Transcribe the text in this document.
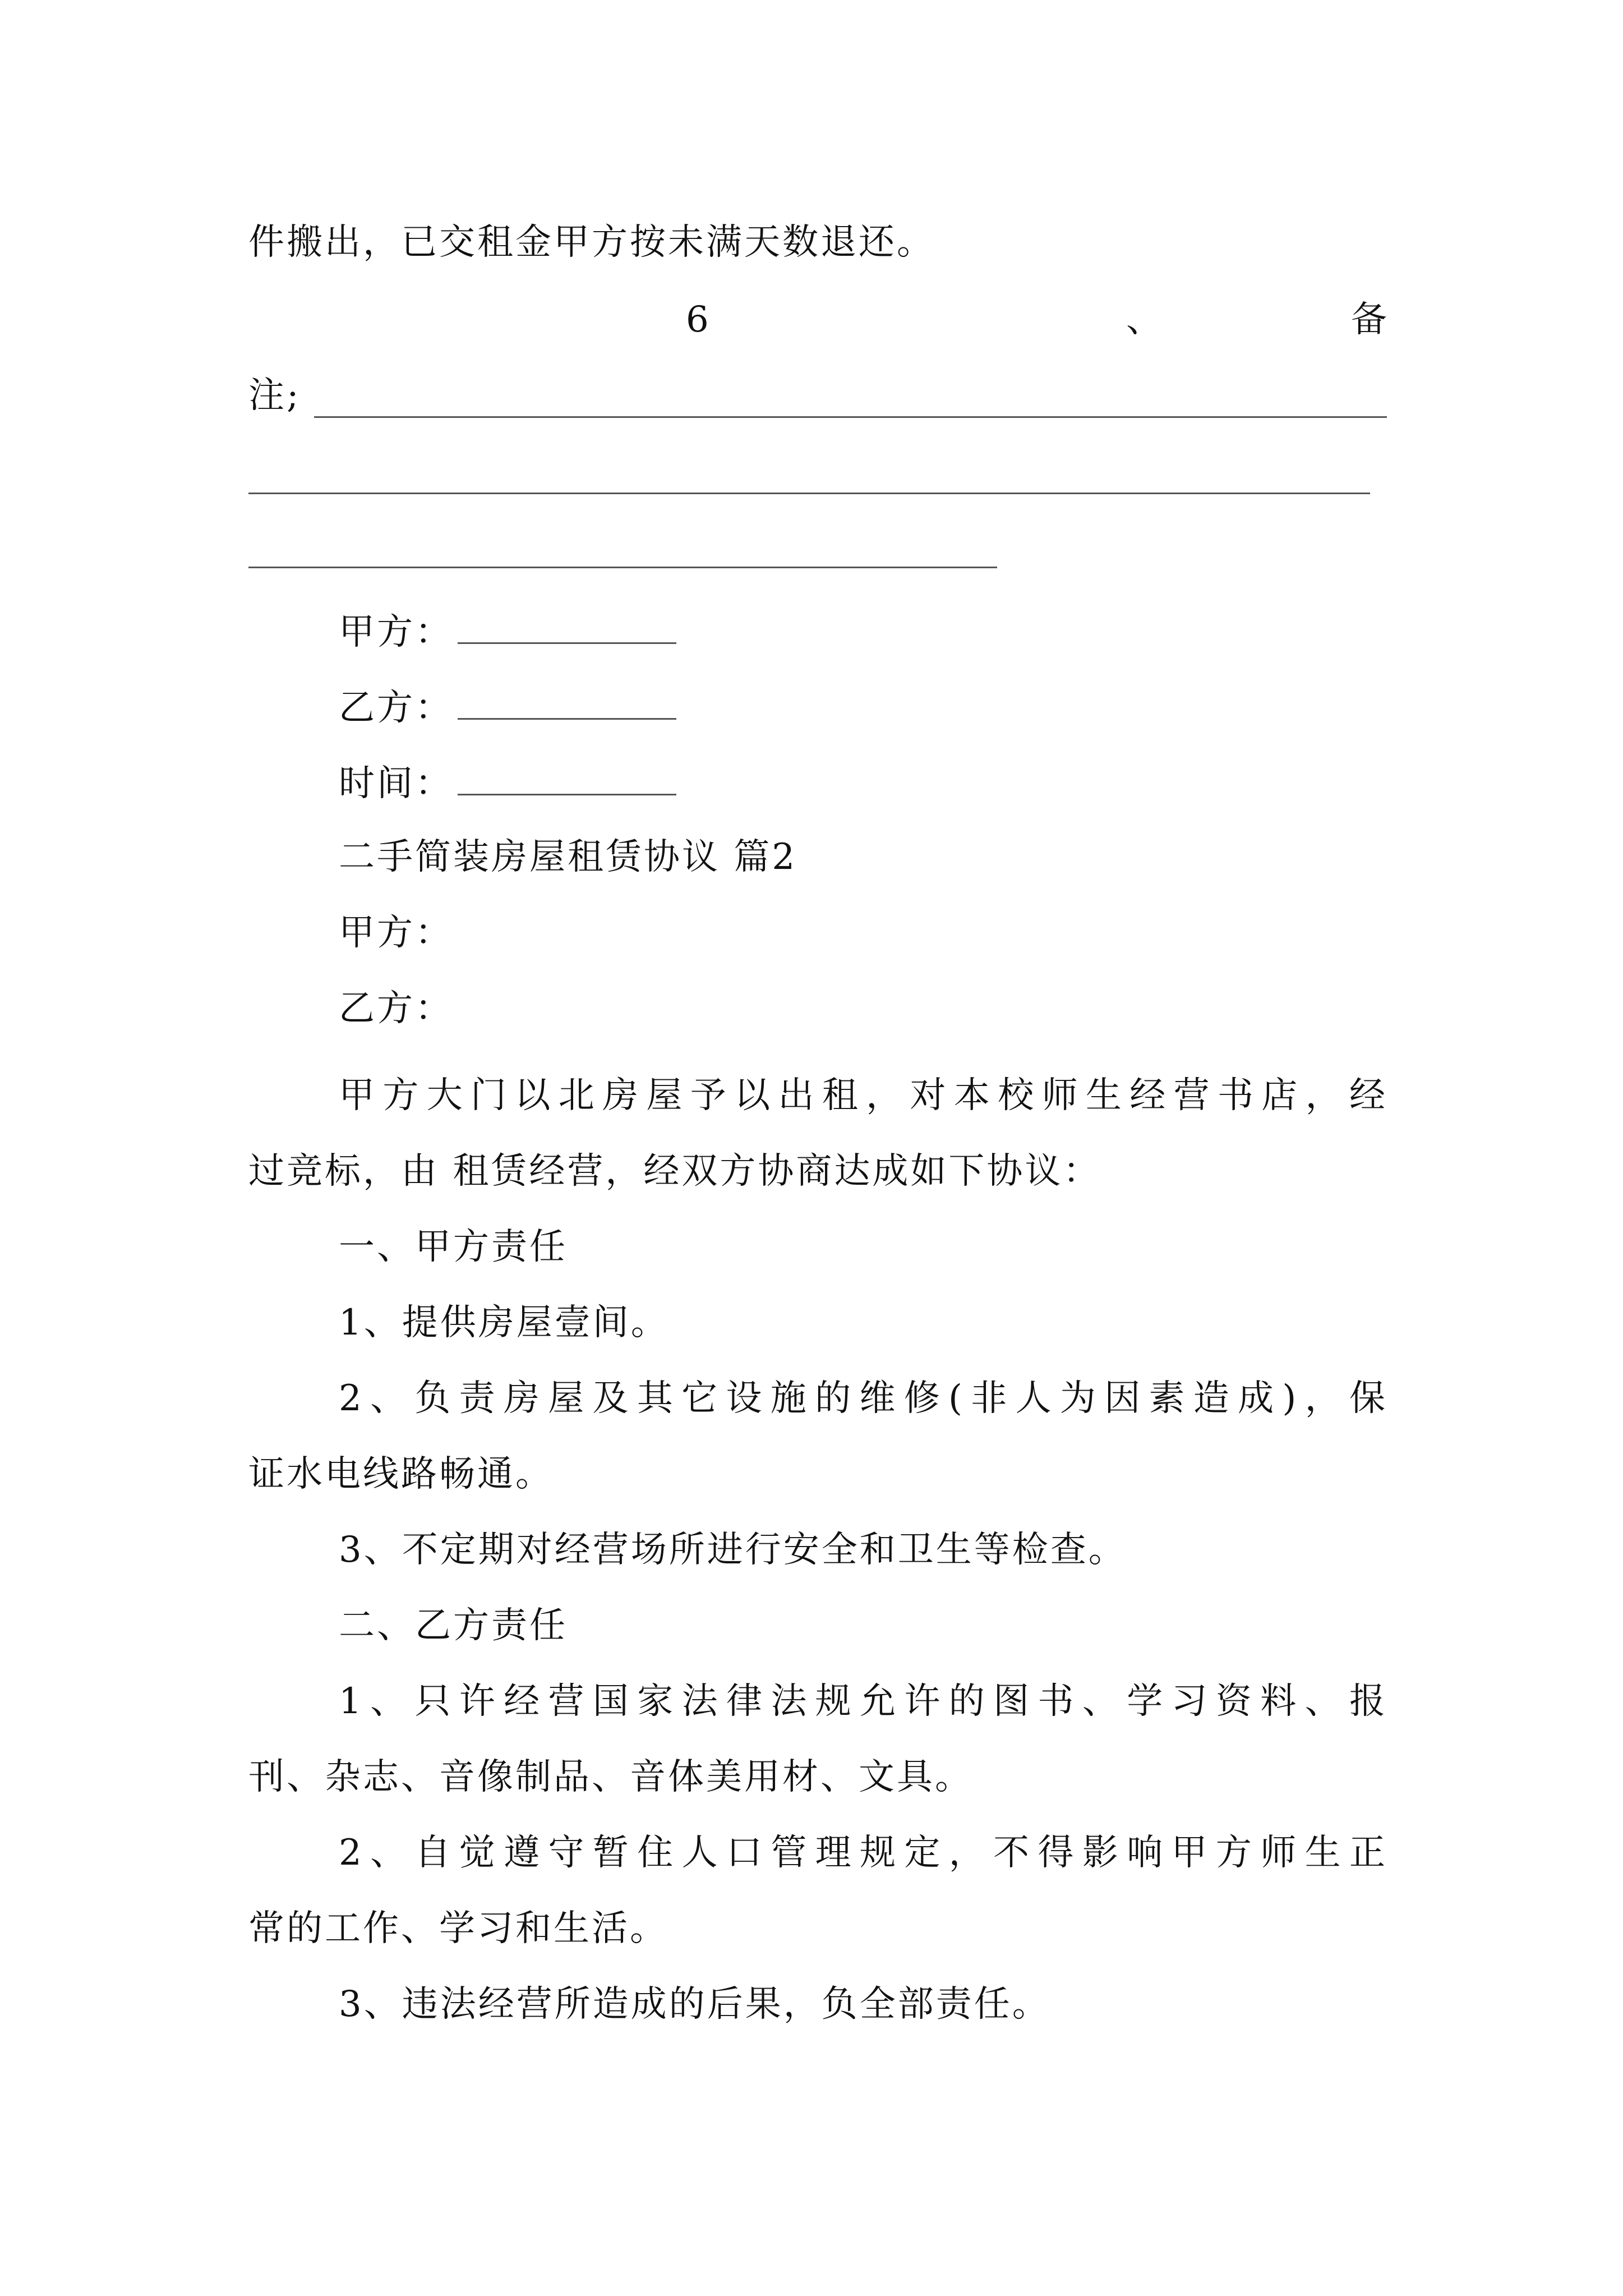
件搬出，已交租金甲方按未满天数退还。
6	、	备
注;
甲方：
乙方：
时间：
二手简装房屋租赁协议 篇2
甲方：
乙方：
甲方大门以北房屋予以出租，对本校师生经营书店，经
过竞标，由 租赁经营，经双方协商达成如下协议：
一、甲方责任
1、提供房屋壹间。
2、负责房屋及其它设施的维修(非人为因素造成)，保
证水电线路畅通。
3、不定期对经营场所进行安全和卫生等检查。
二、乙方责任
1、只许经营国家法律法规允许的图书、学习资料、报
刊、杂志、音像制品、音体美用材、文具。
2、自觉遵守暂住人口管理规定，不得影响甲方师生正
常的工作、学习和生活。
3、违法经营所造成的后果，负全部责任。
